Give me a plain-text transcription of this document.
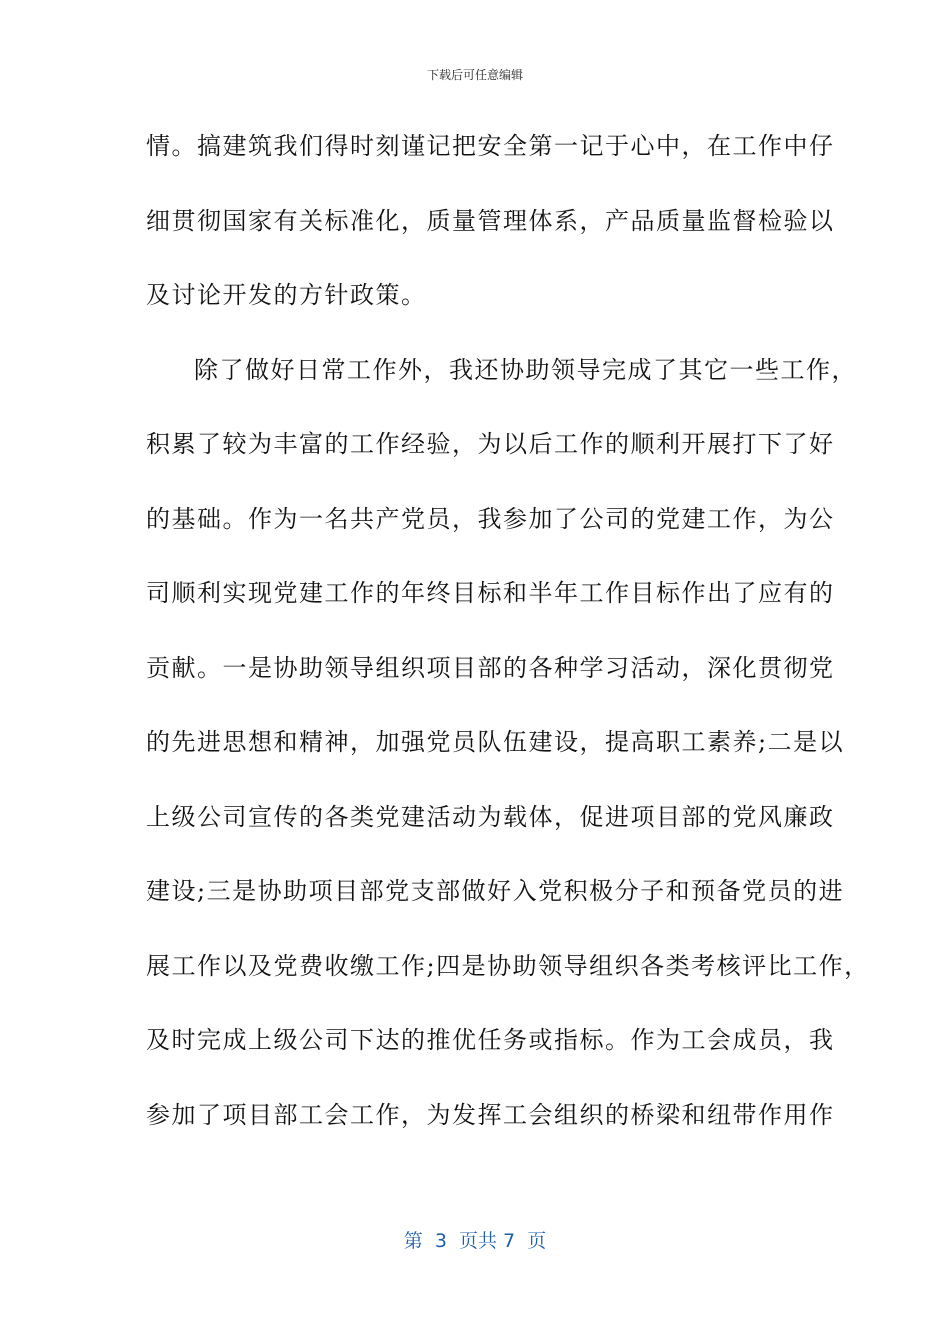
下载后可任意编辑
情。搞建筑我们得时刻谨记把安全第一记于心中，在工作中仔
细贯彻国家有关标准化，质量管理体系，产品质量监督检验以
及讨论开发的方针政策。
除了做好日常工作外，我还协助领导完成了其它一些工作，
积累了较为丰富的工作经验，为以后工作的顺利开展打下了好
的基础。作为一名共产党员，我参加了公司的党建工作，为公
司顺利实现党建工作的年终目标和半年工作目标作出了应有的
贡献。一是协助领导组织项目部的各种学习活动，深化贯彻党
的先进思想和精神，加强党员队伍建设，提高职工素养;二是以
上级公司宣传的各类党建活动为载体，促进项目部的党风廉政
建设;三是协助项目部党支部做好入党积极分子和预备党员的进
展工作以及党费收缴工作;四是协助领导组织各类考核评比工作，
及时完成上级公司下达的推优任务或指标。作为工会成员，我
参加了项目部工会工作，为发挥工会组织的桥梁和纽带作用作
第  3  页共 7  页
